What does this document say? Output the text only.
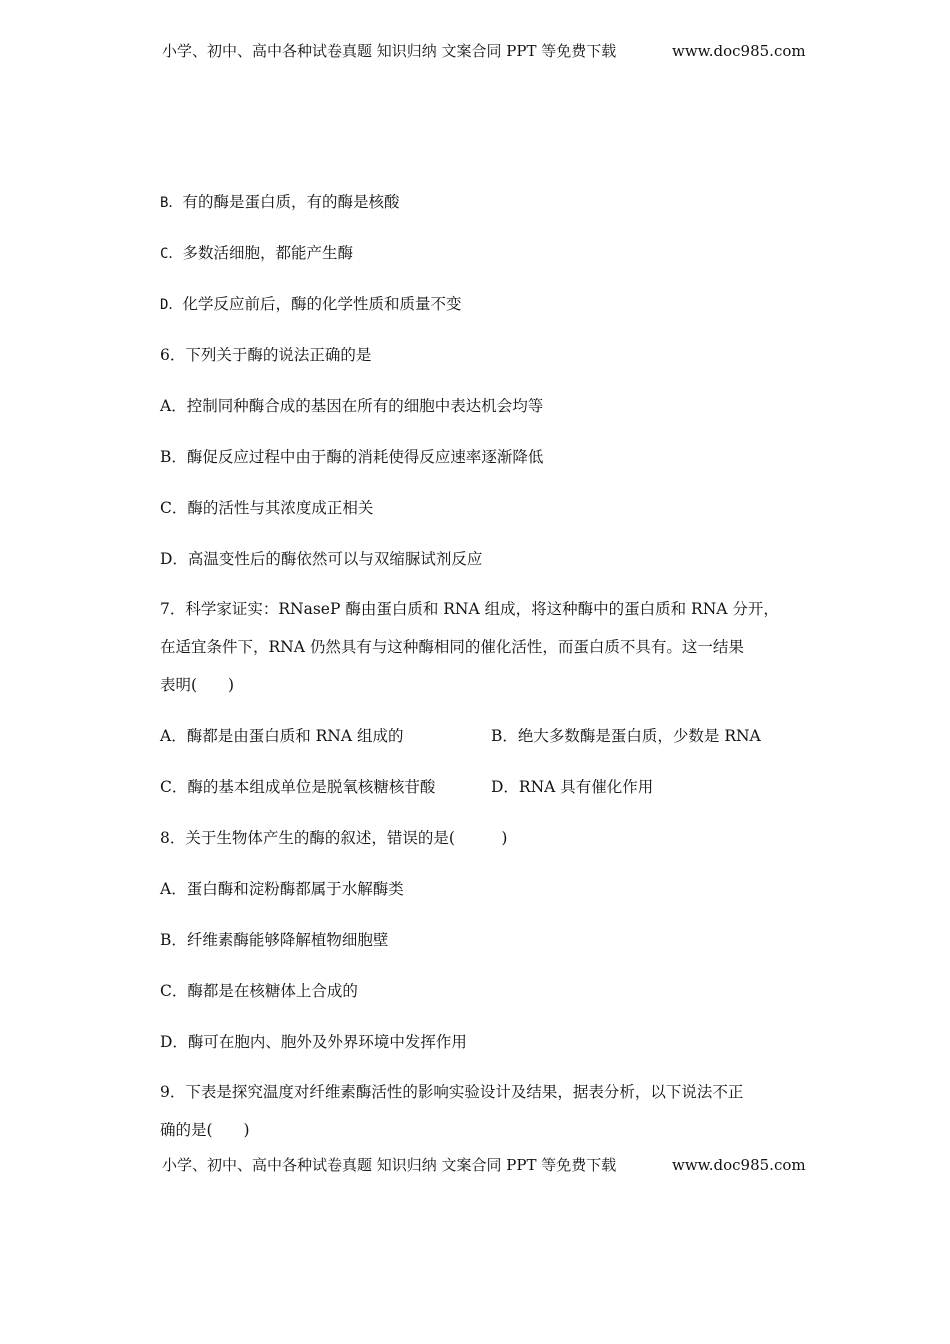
小学、初中、高中各种试卷真题 知识归纳 文案合同 PPT 等免费下载	www.doc985.com
B．有的酶是蛋白质，有的酶是核酸
C．多数活细胞，都能产生酶
D．化学反应前后，酶的化学性质和质量不变
6．下列关于酶的说法正确的是
A．控制同种酶合成的基因在所有的细胞中表达机会均等
B．酶促反应过程中由于酶的消耗使得反应速率逐渐降低
C．酶的活性与其浓度成正相关
D．高温变性后的酶依然可以与双缩脲试剂反应
7．科学家证实：RNaseP 酶由蛋白质和 RNA 组成，将这种酶中的蛋白质和 RNA 分开，
在适宜条件下，RNA 仍然具有与这种酶相同的催化活性，而蛋白质不具有。这一结果
表明(　　)
A．酶都是由蛋白质和 RNA 组成的	B．绝大多数酶是蛋白质，少数是 RNA
C．酶的基本组成单位是脱氧核糖核苷酸	D．RNA 具有催化作用
8．关于生物体产生的酶的叙述，错误的是(　　　)
A．蛋白酶和淀粉酶都属于水解酶类
B．纤维素酶能够降解植物细胞壁
C．酶都是在核糖体上合成的
D．酶可在胞内、胞外及外界环境中发挥作用
9．下表是探究温度对纤维素酶活性的影响实验设计及结果，据表分析，以下说法不正
确的是(　　)
小学、初中、高中各种试卷真题 知识归纳 文案合同 PPT 等免费下载	www.doc985.com
